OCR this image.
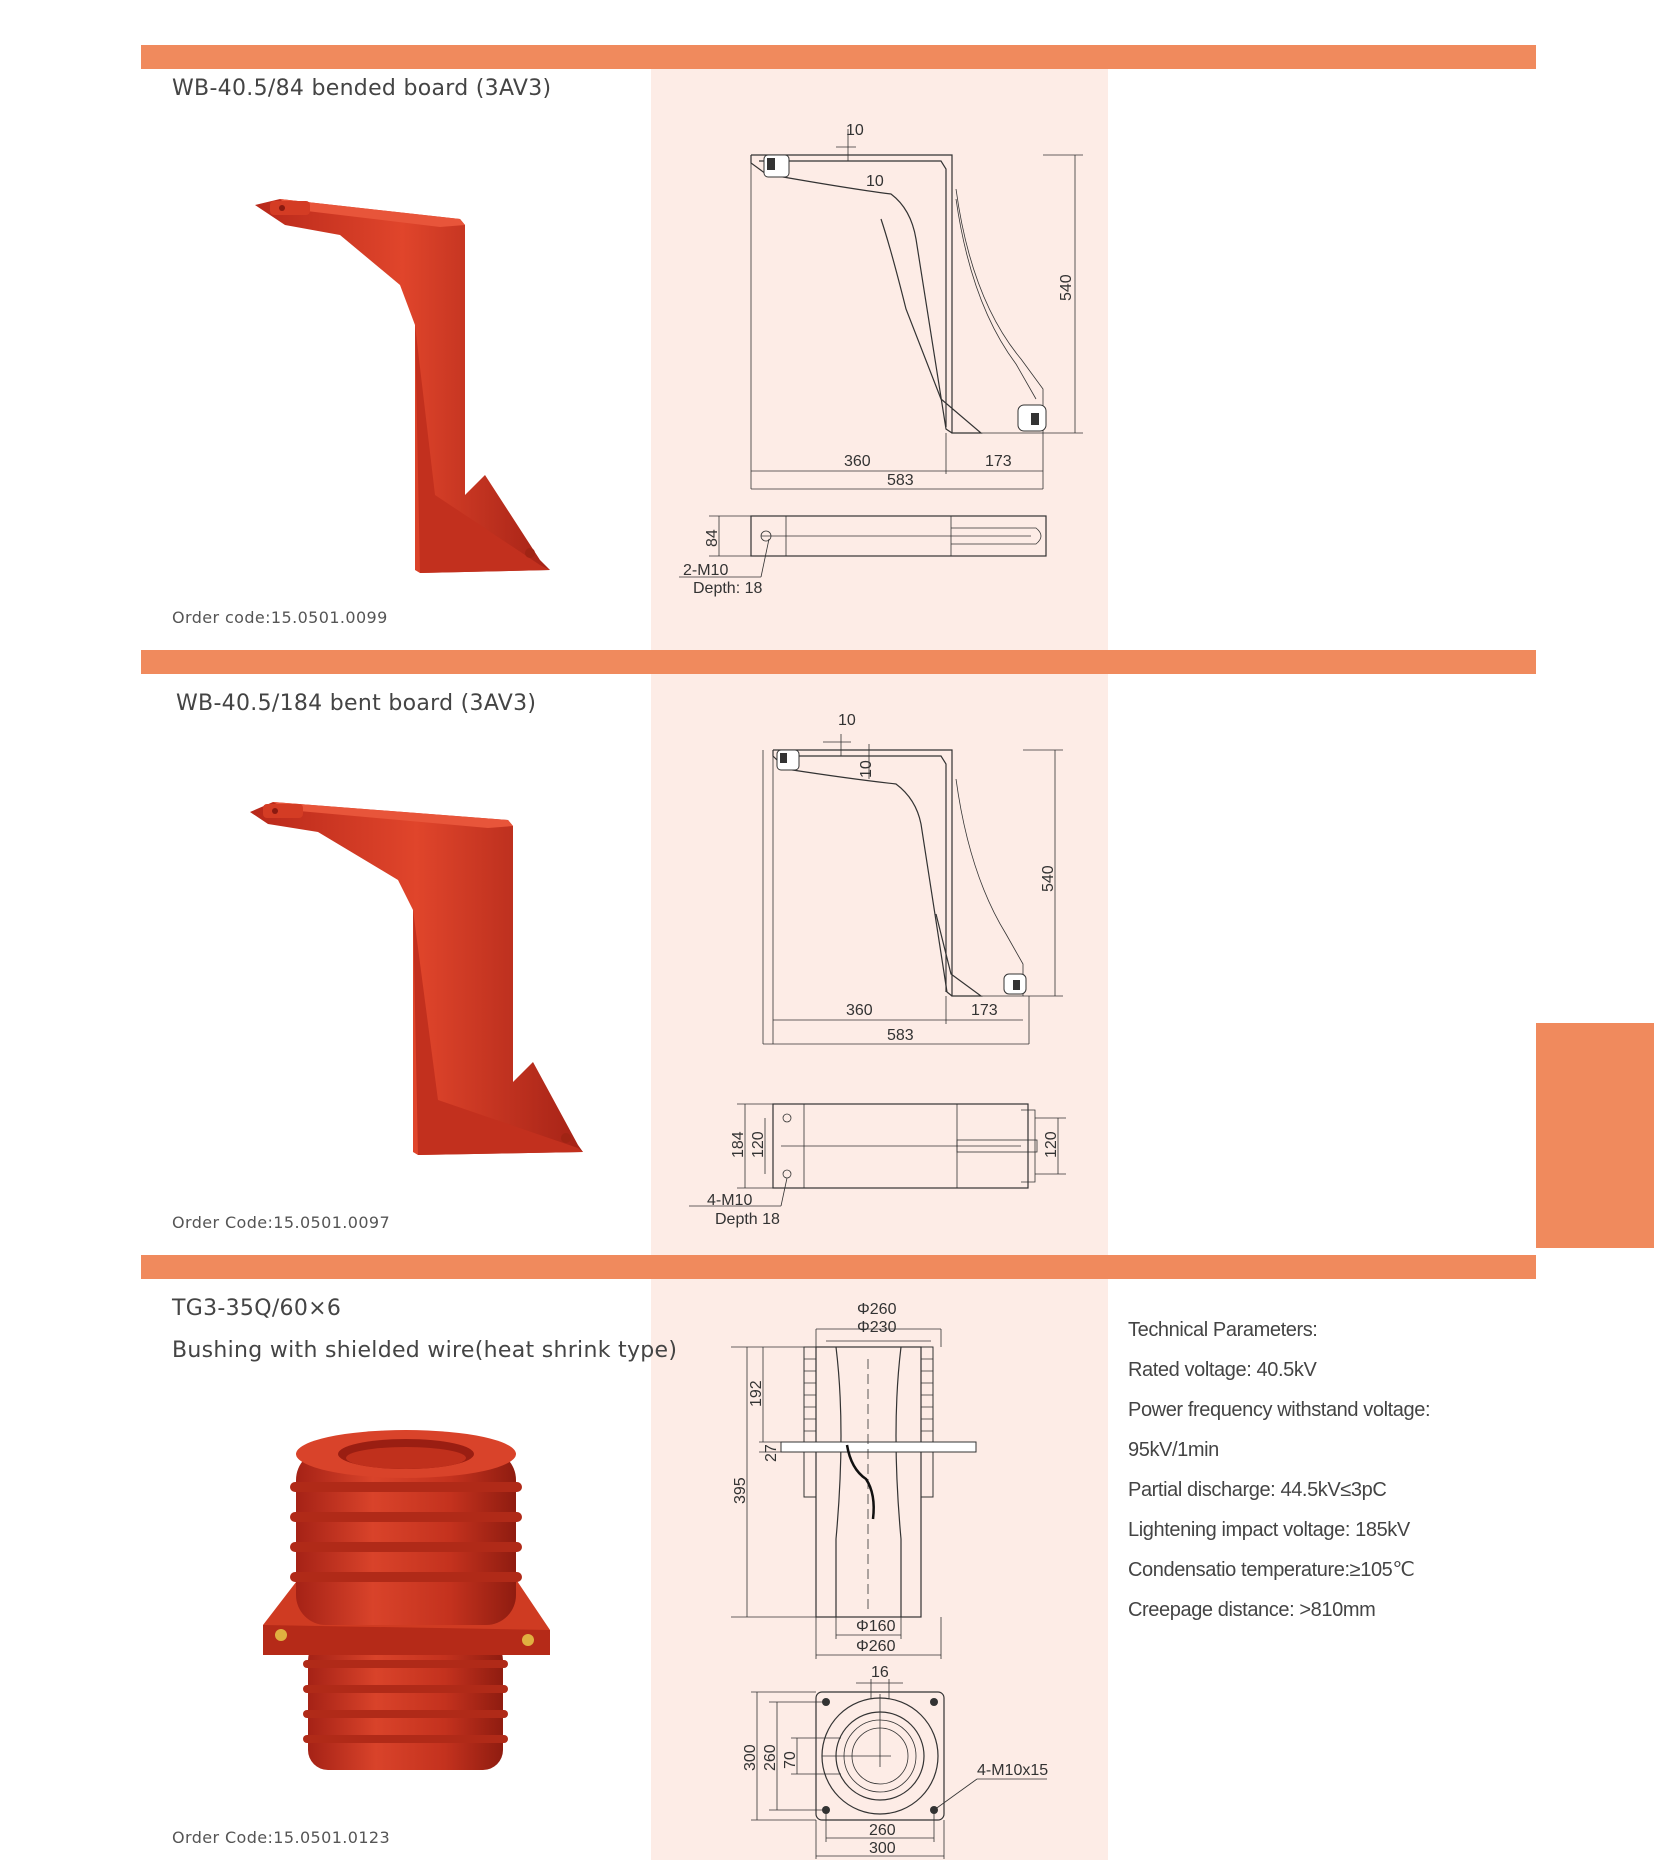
WB-40.5/84 bended board (3AV3)
Order code:15.0501.0099
540
10
10
360	173
583
84
2-M10
Depth: 18
WB-40.5/184 bent board (3AV3)
Order Code:15.0501.0097
540
10
10
360	173
583
184 120	120
4-M10
Depth 18
TG3-35Q/60×6
Bushing with shielded wire(heat shrink type)
Order Code:15.0501.0123
Φ260
Φ230
192
395
27
Φ160
Φ260
16
300 260 70
4-M10x15
260
300
Technical Parameters:
Rated voltage: 40.5kV
Power frequency withstand voltage:
95kV/1min
Partial discharge: 44.5kV≤3pC
Lightening impact voltage: 185kV
Condensatio temperature:≥105℃
Creepage distance: >810mm
